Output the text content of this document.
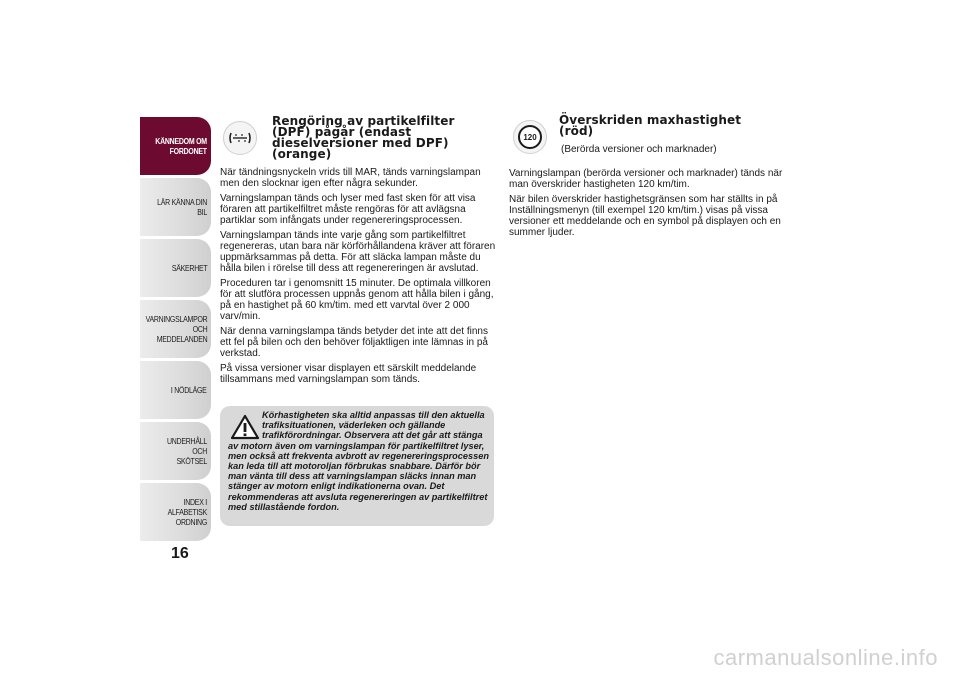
KÄNNEDOM OM
FORDONET
LÄR KÄNNA DIN BIL
SÄKERHET
VARNINGSLAMPOR
OCH MEDDELANDEN
I NÖDLÄGE
UNDERHÅLL OCH
SKÖTSEL
INDEX I ALFABETISK
ORDNING
16
Rengöring av partikelfilter
(DPF) pågår (endast
dieselversioner med DPF)
(orange)

När tändningsnyckeln vrids till MAR, tänds varningslampan men den slocknar igen efter några sekunder.

Varningslampan tänds och lyser med fast sken för att visa föraren att partikelfiltret måste rengöras för att avlägsna partiklar som infångats under regenereringsprocessen.

Varningslampan tänds inte varje gång som partikelfiltret regenereras, utan bara när körförhållandena kräver att föraren uppmärksammas på detta. För att släcka lampan måste du hålla bilen i rörelse till dess att regenereringen är avslutad.

Proceduren tar i genomsnitt 15 minuter. De optimala villkoren för att slutföra processen uppnås genom att hålla bilen i gång, på en hastighet på 60 km/tim. med ett varvtal över 2 000 varv/min.

När denna varningslampa tänds betyder det inte att det finns ett fel på bilen och den behöver följaktligen inte lämnas in på verkstad.

På vissa versioner visar displayen ett särskilt meddelande tillsammans med varningslampan som tänds.

Körhastigheten ska alltid anpassas till den aktuella trafiksituationen, väderleken och gällande trafikförordningar. Observera att det går att stänga av motorn även om varningslampan för partikelfiltret lyser, men också att frekventa avbrott av regenereringsprocessen kan leda till att motoroljan förbrukas snabbare. Därför bör man vänta till dess att varningslampan släcks innan man stänger av motorn enligt indikationerna ovan. Det rekommenderas att avsluta regenereringen av partikelfiltret med stillastående fordon.
120
Överskriden maxhastighet
(röd)
(Berörda versioner och marknader)

Varningslampan (berörda versioner och marknader) tänds när man överskrider hastigheten 120 km/tim.

När bilen överskrider hastighetsgränsen som har ställts in på Inställningsmenyn (till exempel 120 km/tim.) visas på vissa versioner ett meddelande och en symbol på displayen och en summer ljuder.

carmanualsonline.info
